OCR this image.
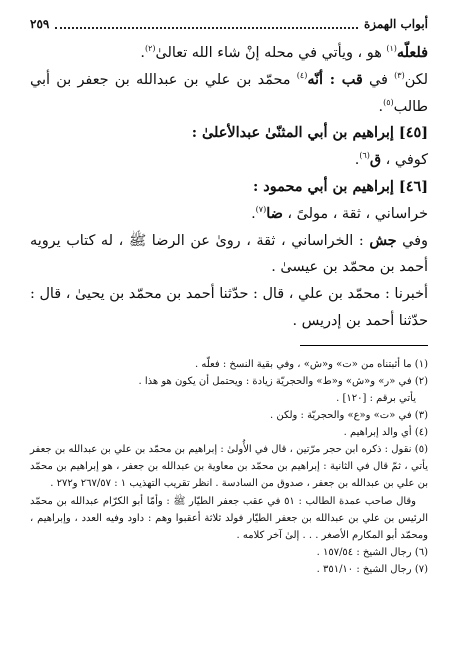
أبواب الهمزة
٢٥٩

فلعلّه$^{(١)}$ هو ، ويأتي في محله إنْ شاء الله تعالىٰ$^{(٢)}$.

لكن$^{(٣)}$ في قب : أنّه$^{(٤)}$ محمّد بن علي بن عبدالله بن جعفر بن أبي طالب$^{(٥)}$.

[٤٥] إبراهيم بن أبي المثنّىٰ عبدالأعلىٰ :

كوفي ، ق$^{(٦)}$.

[٤٦] إبراهيم بن أبي محمود :

خراساني ، ثقة ، مولىً ، ضا$^{(٧)}$.

وفي جش : الخراساني ، ثقة ، روىٰ عن الرضا ﷺ ، له كتاب يرويه أحمد بن محمّد بن عيسىٰ .

أخبرنا : محمّد بن علي ، قال : حدّثنا أحمد بن محمّد بن يحيىٰ ، قال : حدّثنا أحمد بن إدريس .

(١) ما أثبتناه من «ت» و«ش» ، وفي بقية النسخ : فعلّه .

(٢) في «ر» و«ش» و«ط» والحجريّة زيادة : ويحتمل أن يكون هو هذا .

يأتي برقم : [١٢٠] .

(٣) في «ت» و«ع» والحجريّة : ولكن .

(٤) أي والد إبراهيم .

(٥) نقول : ذكره ابن حجر مرّتين ، قال في الأُولىٰ : إبراهيم بن محمّد بن علي بن عبدالله بن جعفر يأتي ، ثمّ قال في الثانية : إبراهيم بن محمّد بن معاوية بن عبدالله بن جعفر ، هو إبراهيم بن محمّد بن علي بن عبدالله بن جعفر ، صدوق من السادسة . انظر تقريب التهذيب ١ : ٢٦٧/٥٧ و٢٧٢ .

وقال صاحب عمدة الطالب : ٥١ في عقب جعفر الطيّار ﷺ : وأمّا أبو الكرّام عبدالله بن محمّد الرئيس بن علي بن عبدالله بن جعفر الطيّار فولد ثلاثة أعقبوا وهم : داود وفيه العدد ، وإبراهيم ، ومحمّد أبو المكارم الأصغر . . . إلىٰ آخر كلامه .

(٦) رجال الشيخ : ١٥٧/٥٤ .

(٧) رجال الشيخ : ٣٥١/١٠ .
